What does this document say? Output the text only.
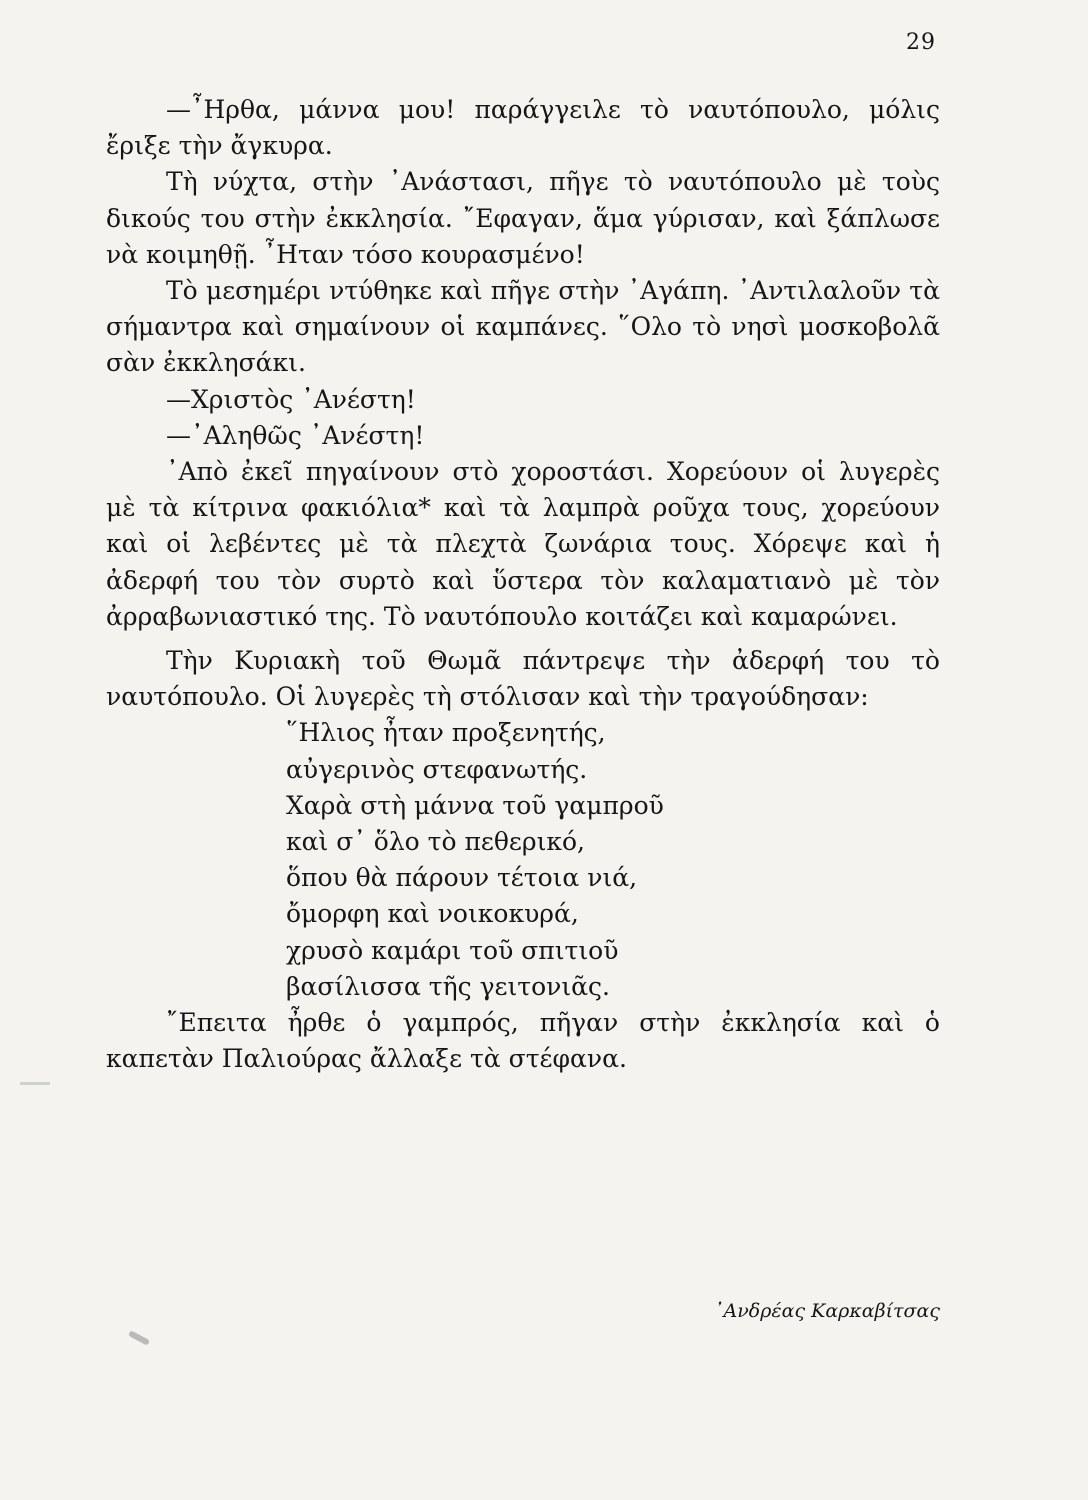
29

—῏Ηρθα, μάννα μου! παράγγειλε τὸ ναυτόπουλο, μόλις ἔριξε τὴν ἄγκυρα.

Τὴ νύχτα, στὴν ᾿Ανάστασι, πῆγε τὸ ναυτόπουλο μὲ τοὺς δικούς του στὴν ἐκκλησία. ῎Εφαγαν, ἅμα γύρισαν, καὶ ξάπλωσε νὰ κοιμηθῇ. ῏Ηταν τόσο κουρασμένο!

Τὸ μεσημέρι ντύθηκε καὶ πῆγε στὴν ᾿Αγάπη. ᾿Αντιλαλοῦν τὰ σήμαντρα καὶ σημαίνουν οἱ καμπάνες. ῞Ολο τὸ νησὶ μοσκοβολᾶ σὰν ἐκκλησάκι.

—Χριστὸς ᾿Ανέστη!

—᾿Αληθῶς ᾿Ανέστη!

᾿Απὸ ἐκεῖ πηγαίνουν στὸ χοροστάσι. Χορεύουν οἱ λυγερὲς μὲ τὰ κίτρινα φακιόλια* καὶ τὰ λαμπρὰ ροῦχα τους, χορεύουν καὶ οἱ λεβέντες μὲ τὰ πλεχτὰ ζωνάρια τους. Χόρεψε καὶ ἡ ἀδερφή του τὸν συρτὸ καὶ ὕστερα τὸν καλαματιανὸ μὲ τὸν ἀρραβωνιαστικό της. Τὸ ναυτόπουλο κοιτάζει καὶ καμαρώνει.

Τὴν Κυριακὴ τοῦ Θωμᾶ πάντρεψε τὴν ἀδερφή του τὸ ναυτόπουλο. Οἱ λυγερὲς τὴ στόλισαν καὶ τὴν τραγούδησαν:

῞Ηλιος ἦταν προξενητής,
αὐγερινὸς στεφανωτής.
Χαρὰ στὴ μάννα τοῦ γαμπροῦ
καὶ σ᾿ ὅλο τὸ πεθερικό,
ὅπου θὰ πάρουν τέτοια νιά,
ὄμορφη καὶ νοικοκυρά,
χρυσὸ καμάρι τοῦ σπιτιοῦ
βασίλισσα τῆς γειτονιᾶς.

῎Επειτα ἦρθε ὁ γαμπρός, πῆγαν στὴν ἐκκλησία καὶ ὁ καπετὰν Παλιούρας ἄλλαξε τὰ στέφανα.

᾿Ανδρέας Καρκαβίτσας
